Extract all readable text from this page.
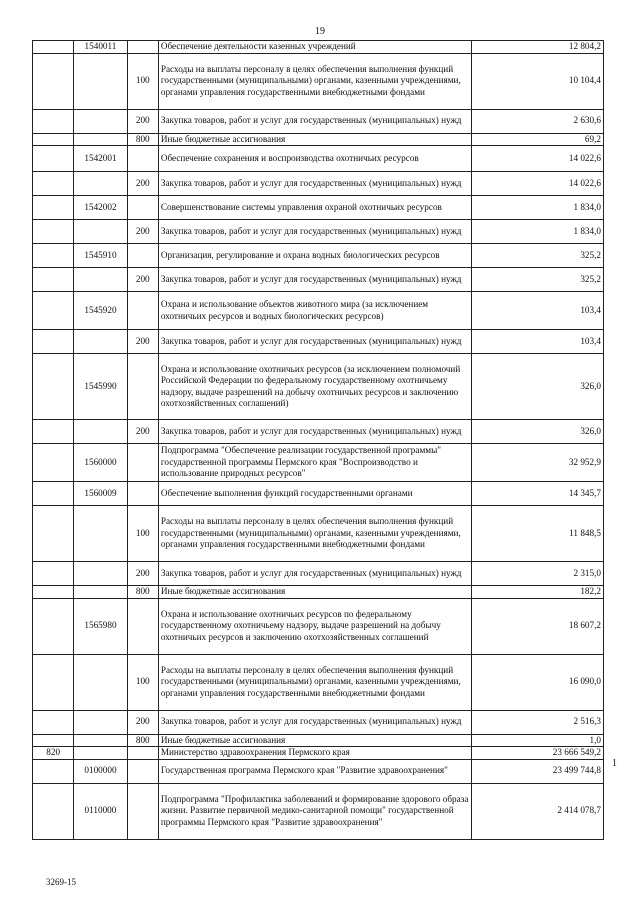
19
	1540011		Обеспечение деятельности казенных учреждений	12 804,2
		100	Расходы на выплаты персоналу в целях обеспечения выполнения функций государственными (муниципальными) органами, казенными учреждениями, органами управления государственными внебюджетными фондами	10 104,4
		200	Закупка товаров, работ и услуг для государственных (муниципальных) нужд	2 630,6
		800	Иные бюджетные ассигнования	69,2
	1542001		Обеспечение сохранения и воспроизводства охотничьих ресурсов	14 022,6
		200	Закупка товаров, работ и услуг для государственных (муниципальных) нужд	14 022,6
	1542002		Совершенствование системы управления охраной охотничьих ресурсов	1 834,0
		200	Закупка товаров, работ и услуг для государственных (муниципальных) нужд	1 834,0
	1545910		Организация, регулирование и охрана водных биологических ресурсов	325,2
		200	Закупка товаров, работ и услуг для государственных (муниципальных) нужд	325,2
	1545920		Охрана и использование объектов животного мира (за исключением охотничьих ресурсов и водных биологических ресурсов)	103,4
		200	Закупка товаров, работ и услуг для государственных (муниципальных) нужд	103,4
	1545990		Охрана и использование охотничьих ресурсов (за исключением полномочий Российской Федерации по федеральному государственному охотничьему надзору, выдаче разрешений на добычу охотничьих ресурсов и заключению охотхозяйственных соглашений)	326,0
		200	Закупка товаров, работ и услуг для государственных (муниципальных) нужд	326,0
	1560000		Подпрограмма "Обеспечение реализации государственной программы" государственной программы Пермского края "Воспроизводство и использование природных ресурсов"	32 952,9
	1560009		Обеспечение выполнения функций государственными органами	14 345,7
		100	Расходы на выплаты персоналу в целях обеспечения выполнения функций государственными (муниципальными) органами, казенными учреждениями, органами управления государственными внебюджетными фондами	11 848,5
		200	Закупка товаров, работ и услуг для государственных (муниципальных) нужд	2 315,0
		800	Иные бюджетные ассигнования	182,2
	1565980		Охрана и использование охотничьих ресурсов по федеральному государственному охотничьему надзору, выдаче разрешений на добычу охотничьих ресурсов и заключению охотхозяйственных соглашений	18 607,2
		100	Расходы на выплаты персоналу в целях обеспечения выполнения функций государственными (муниципальными) органами, казенными учреждениями, органами управления государственными внебюджетными фондами	16 090,0
		200	Закупка товаров, работ и услуг для государственных (муниципальных) нужд	2 516,3
		800	Иные бюджетные ассигнования	1,0
820			Министерство здравоохранения Пермского края	23 666 549,2
	0100000		Государственная программа Пермского края "Развитие здравоохранения"	23 499 744,8
	0110000		Подпрограмма "Профилактика заболеваний и формирование здорового образа жизни. Развитие первичной медико-санитарной помощи" государственной программы Пермского края "Развитие здравоохранения"	2 414 078,7
1
3269-15
